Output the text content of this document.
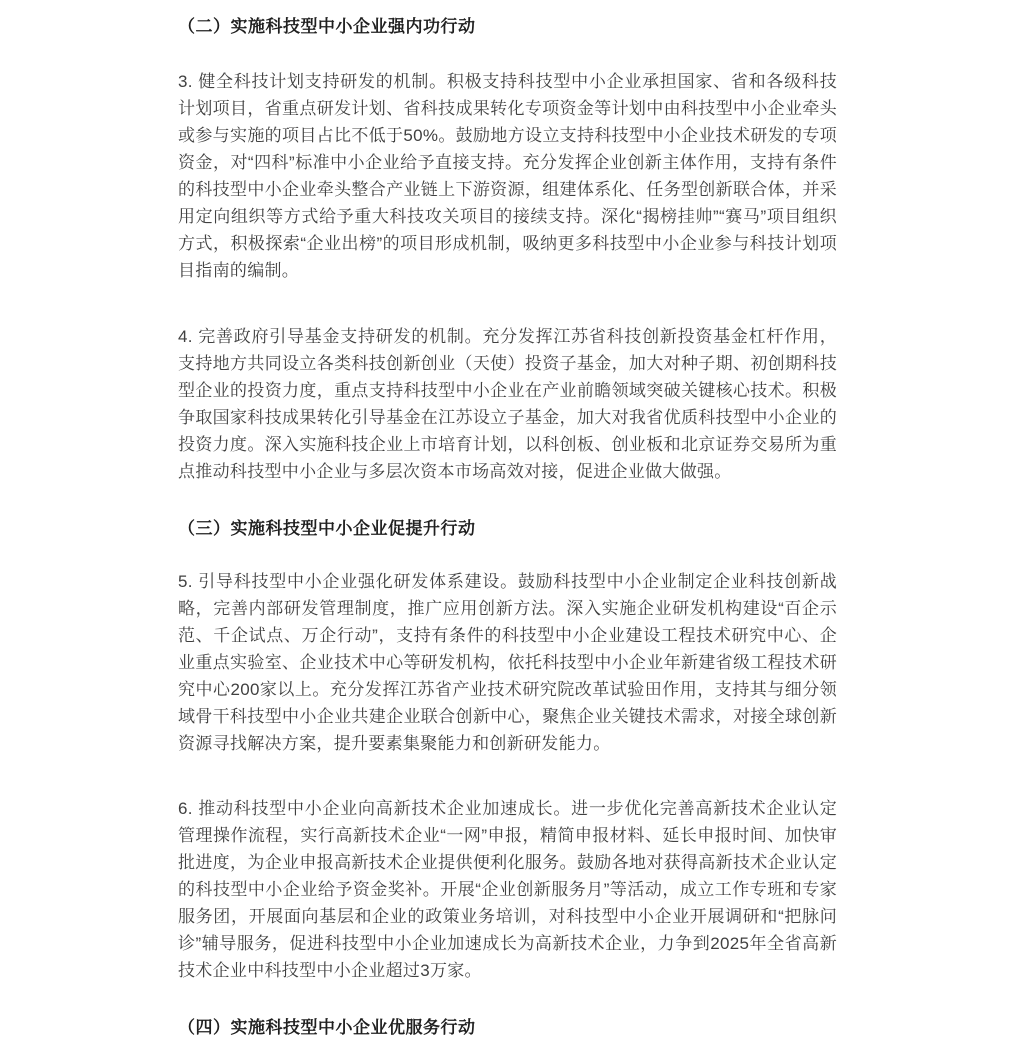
（二）实施科技型中小企业强内功行动

3. 健全科技计划支持研发的机制。积极支持科技型中小企业承担国家、省和各级科技计划项目，省重点研发计划、省科技成果转化专项资金等计划中由科技型中小企业牵头或参与实施的项目占比不低于50%。鼓励地方设立支持科技型中小企业技术研发的专项资金，对“四科”标准中小企业给予直接支持。充分发挥企业创新主体作用，支持有条件的科技型中小企业牵头整合产业链上下游资源，组建体系化、任务型创新联合体，并采用定向组织等方式给予重大科技攻关项目的接续支持。深化“揭榜挂帅”“赛马”项目组织方式，积极探索“企业出榜”的项目形成机制，吸纳更多科技型中小企业参与科技计划项目指南的编制。

4. 完善政府引导基金支持研发的机制。充分发挥江苏省科技创新投资基金杠杆作用，支持地方共同设立各类科技创新创业（天使）投资子基金，加大对种子期、初创期科技型企业的投资力度，重点支持科技型中小企业在产业前瞻领域突破关键核心技术。积极争取国家科技成果转化引导基金在江苏设立子基金，加大对我省优质科技型中小企业的投资力度。深入实施科技企业上市培育计划，以科创板、创业板和北京证券交易所为重点推动科技型中小企业与多层次资本市场高效对接，促进企业做大做强。

（三）实施科技型中小企业促提升行动

5. 引导科技型中小企业强化研发体系建设。鼓励科技型中小企业制定企业科技创新战略，完善内部研发管理制度，推广应用创新方法。深入实施企业研发机构建设“百企示范、千企试点、万企行动”，支持有条件的科技型中小企业建设工程技术研究中心、企业重点实验室、企业技术中心等研发机构，依托科技型中小企业年新建省级工程技术研究中心200家以上。充分发挥江苏省产业技术研究院改革试验田作用，支持其与细分领域骨干科技型中小企业共建企业联合创新中心，聚焦企业关键技术需求，对接全球创新资源寻找解决方案，提升要素集聚能力和创新研发能力。

6. 推动科技型中小企业向高新技术企业加速成长。进一步优化完善高新技术企业认定管理操作流程，实行高新技术企业“一网”申报，精简申报材料、延长申报时间、加快审批进度，为企业申报高新技术企业提供便利化服务。鼓励各地对获得高新技术企业认定的科技型中小企业给予资金奖补。开展“企业创新服务月”等活动，成立工作专班和专家服务团，开展面向基层和企业的政策业务培训，对科技型中小企业开展调研和“把脉问诊”辅导服务，促进科技型中小企业加速成长为高新技术企业，力争到2025年全省高新技术企业中科技型中小企业超过3万家。

（四）实施科技型中小企业优服务行动
